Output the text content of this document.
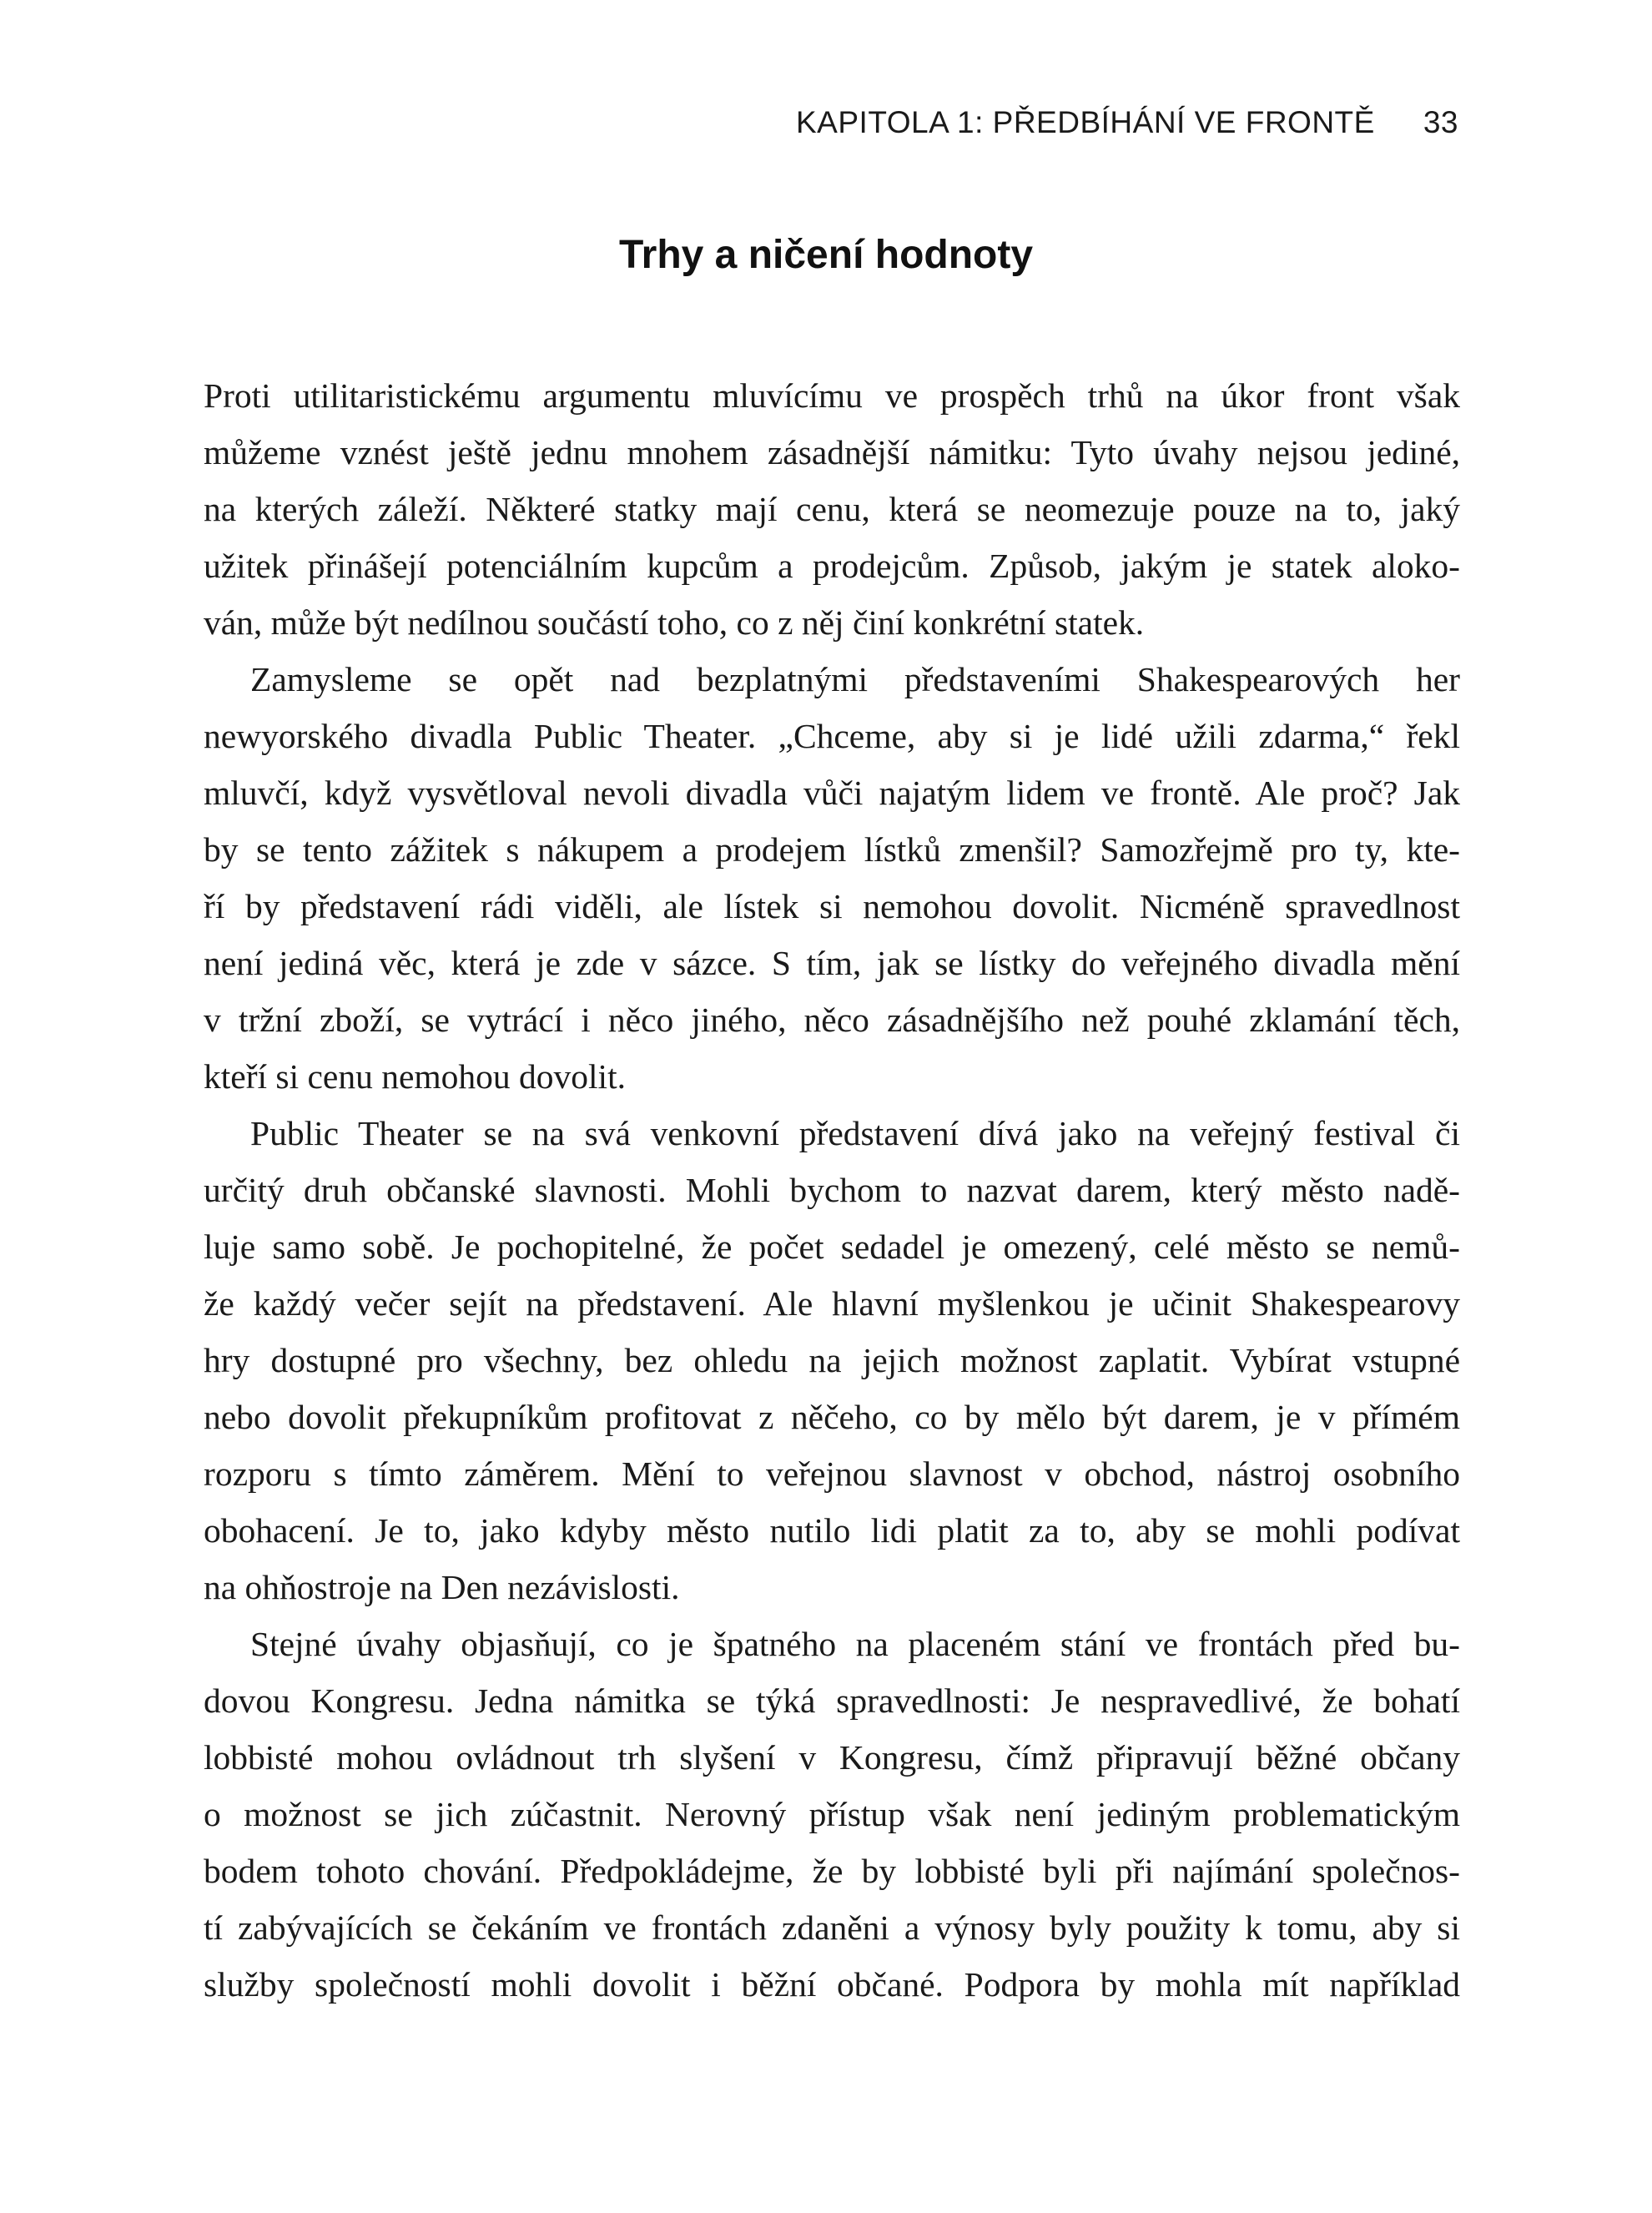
KAPITOLA 1: PŘEDBÍHÁNÍ VE FRONTĚ 33
Trhy a ničení hodnoty
Proti utilitaristickému argumentu mluvícímu ve prospěch trhů na úkor front však
můžeme vznést ještě jednu mnohem zásadnější námitku: Tyto úvahy nejsou jediné,
na kterých záleží. Některé statky mají cenu, která se neomezuje pouze na to, jaký
užitek přinášejí potenciálním kupcům a prodejcům. Způsob, jakým je statek aloko-
ván, může být nedílnou součástí toho, co z něj činí konkrétní statek.
Zamysleme se opět nad bezplatnými představeními Shakespearových her
newyorského divadla Public Theater. „Chceme, aby si je lidé užili zdarma,“ řekl
mluvčí, když vysvětloval nevoli divadla vůči najatým lidem ve frontě. Ale proč? Jak
by se tento zážitek s nákupem a prodejem lístků zmenšil? Samozřejmě pro ty, kte-
ří by představení rádi viděli, ale lístek si nemohou dovolit. Nicméně spravedlnost
není jediná věc, která je zde v sázce. S tím, jak se lístky do veřejného divadla mění
v tržní zboží, se vytrácí i něco jiného, něco zásadnějšího než pouhé zklamání těch,
kteří si cenu nemohou dovolit.
Public Theater se na svá venkovní představení dívá jako na veřejný festival či
určitý druh občanské slavnosti. Mohli bychom to nazvat darem, který město nadě-
luje samo sobě. Je pochopitelné, že počet sedadel je omezený, celé město se nemů-
že každý večer sejít na představení. Ale hlavní myšlenkou je učinit Shakespearovy
hry dostupné pro všechny, bez ohledu na jejich možnost zaplatit. Vybírat vstupné
nebo dovolit překupníkům profitovat z něčeho, co by mělo být darem, je v přímém
rozporu s tímto záměrem. Mění to veřejnou slavnost v obchod, nástroj osobního
obohacení. Je to, jako kdyby město nutilo lidi platit za to, aby se mohli podívat
na ohňostroje na Den nezávislosti.
Stejné úvahy objasňují, co je špatného na placeném stání ve frontách před bu-
dovou Kongresu. Jedna námitka se týká spravedlnosti: Je nespravedlivé, že bohatí
lobbisté mohou ovládnout trh slyšení v Kongresu, čímž připravují běžné občany
o možnost se jich zúčastnit. Nerovný přístup však není jediným problematickým
bodem tohoto chování. Předpokládejme, že by lobbisté byli při najímání společnos-
tí zabývajících se čekáním ve frontách zdaněni a výnosy byly použity k tomu, aby si
služby společností mohli dovolit i běžní občané. Podpora by mohla mít například
